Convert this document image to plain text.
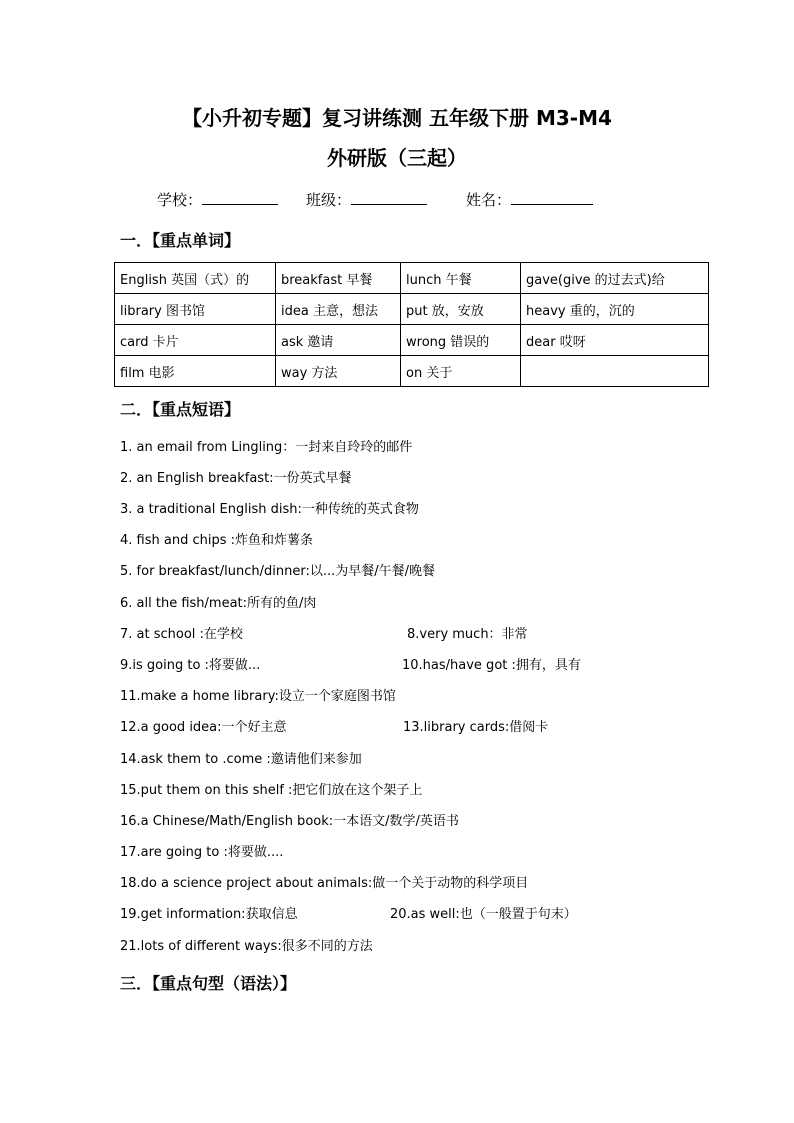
【小升初专题】复习讲练测 五年级下册 M3-M4
外研版（三起）
学校：	班级：	姓名：
一．【重点单词】
English 英国（式）的	breakfast 早餐	lunch 午餐	gave(give 的过去式)给
library 图书馆	idea 主意，想法	put 放，安放	heavy 重的，沉的
card 卡片	ask 邀请	wrong 错误的	dear 哎呀
film 电影	way 方法	on 关于	
二．【重点短语】
1. an email from Lingling：一封来自玲玲的邮件
2. an English breakfast:一份英式早餐
3. a traditional English dish:一种传统的英式食物
4. fish and chips :炸鱼和炸薯条
5. for breakfast/lunch/dinner:以...为早餐/午餐/晚餐
6. all the fish/meat:所有的鱼/肉
7. at school :在学校	8.very much：非常
9.is going to :将要做...	10.has/have got :拥有，具有
11.make a home library:设立一个家庭图书馆
12.a good idea:一个好主意	13.library cards:借阅卡
14.ask them to .come :邀请他们来参加
15.put them on this shelf :把它们放在这个架子上
16.a Chinese/Math/English book:一本语文/数学/英语书
17.are going to :将要做....
18.do a science project about animals:做一个关于动物的科学项目
19.get information:获取信息	20.as well:也（一般置于句末）
21.lots of different ways:很多不同的方法
三．【重点句型（语法）】
